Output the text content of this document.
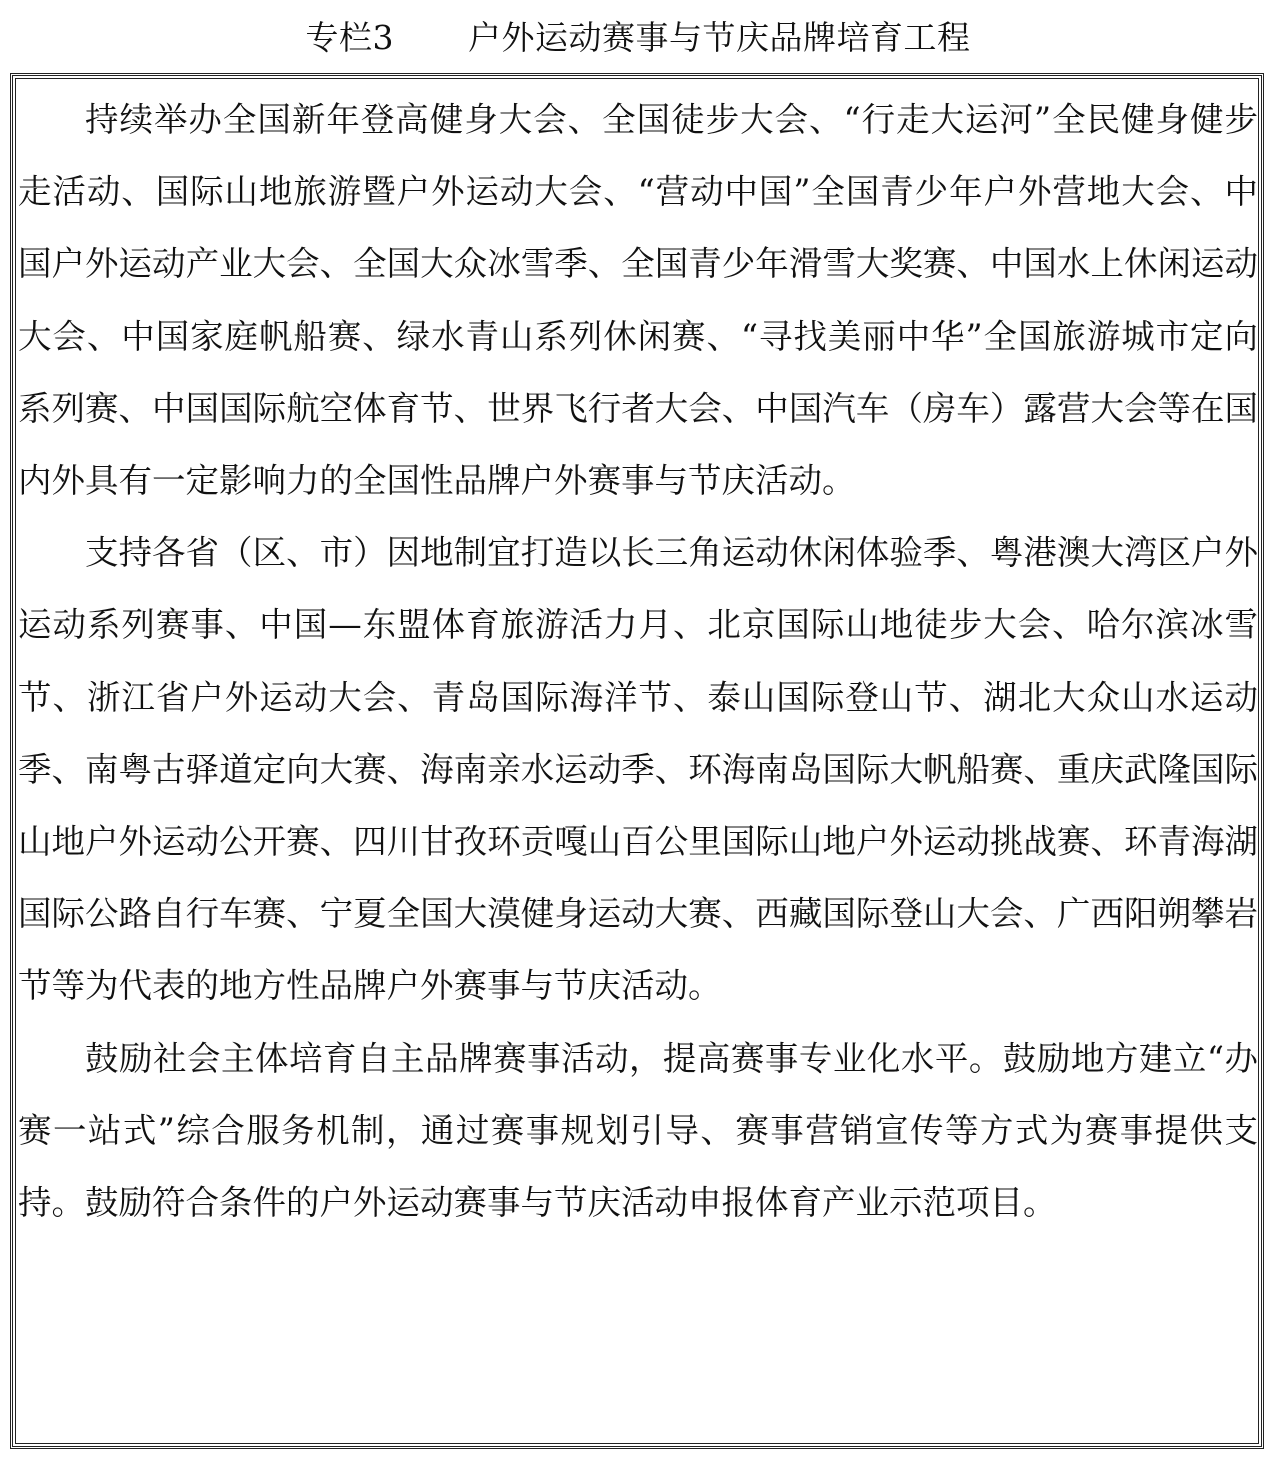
专栏3 户外运动赛事与节庆品牌培育工程

持续举办全国新年登高健身大会、全国徒步大会、“行走大运河”全民健身健步走活动、国际山地旅游暨户外运动大会、“营动中国”全国青少年户外营地大会、中国户外运动产业大会、全国大众冰雪季、全国青少年滑雪大奖赛、中国水上休闲运动大会、中国家庭帆船赛、绿水青山系列休闲赛、“寻找美丽中华”全国旅游城市定向系列赛、中国国际航空体育节、世界飞行者大会、中国汽车（房车）露营大会等在国内外具有一定影响力的全国性品牌户外赛事与节庆活动。

支持各省（区、市）因地制宜打造以长三角运动休闲体验季、粤港澳大湾区户外运动系列赛事、中国—东盟体育旅游活力月、北京国际山地徒步大会、哈尔滨冰雪节、浙江省户外运动大会、青岛国际海洋节、泰山国际登山节、湖北大众山水运动季、南粤古驿道定向大赛、海南亲水运动季、环海南岛国际大帆船赛、重庆武隆国际山地户外运动公开赛、四川甘孜环贡嘎山百公里国际山地户外运动挑战赛、环青海湖国际公路自行车赛、宁夏全国大漠健身运动大赛、西藏国际登山大会、广西阳朔攀岩节等为代表的地方性品牌户外赛事与节庆活动。

鼓励社会主体培育自主品牌赛事活动，提高赛事专业化水平。鼓励地方建立“办赛一站式”综合服务机制，通过赛事规划引导、赛事营销宣传等方式为赛事提供支持。鼓励符合条件的户外运动赛事与节庆活动申报体育产业示范项目。
